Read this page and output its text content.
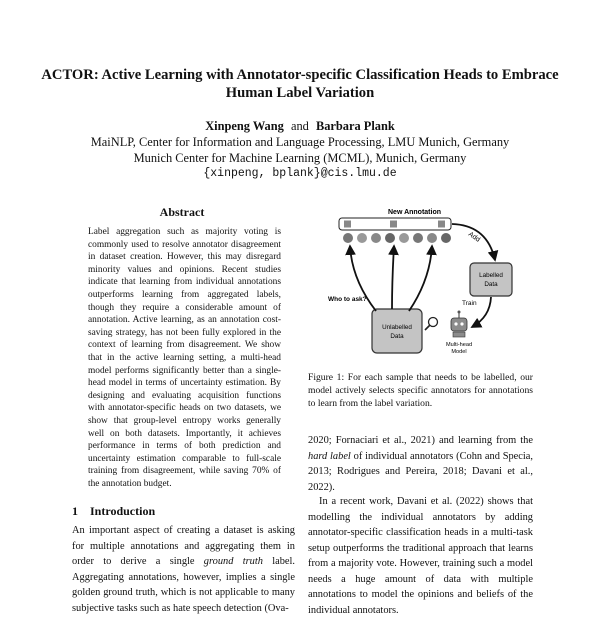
ACTOR: Active Learning with Annotator-specific Classification Heads to Embrace Human Label Variation
Xinpeng Wang and Barbara Plank
MaiNLP, Center for Information and Language Processing, LMU Munich, Germany
Munich Center for Machine Learning (MCML), Munich, Germany
{xinpeng, bplank}@cis.lmu.de
Abstract
Label aggregation such as majority voting is commonly used to resolve annotator disagreement in dataset creation. However, this may disregard minority values and opinions. Recent studies indicate that learning from individual annotations outperforms learning from aggregated labels, though they require a considerable amount of annotation. Active learning, as an annotation cost-saving strategy, has not been fully explored in the context of learning from disagreement. We show that in the active learning setting, a multi-head model performs significantly better than a single-head model in terms of uncertainty estimation. By designing and evaluating acquisition functions with annotator-specific heads on two datasets, we show that group-level entropy works generally well on both datasets. Importantly, it achieves performance in terms of both prediction and uncertainty estimation comparable to full-scale training from disagreement, while saving 70% of the annotation budget.
1 Introduction
An important aspect of creating a dataset is asking for multiple annotations and aggregating them in order to derive a single ground truth label. Aggregating annotations, however, implies a single golden ground truth, which is not applicable to many subjective tasks such as hate speech detection (Ova-
New Annotation
Add
Labelled
Data
Train
Unlabelled
Data
Who to ask?
Multi-head
Model
Figure 1: For each sample that needs to be labelled, our model actively selects specific annotators for annotations to learn from the label variation.
2020; Fornaciari et al., 2021) and learning from the hard label of individual annotators (Cohn and Specia, 2013; Rodrigues and Pereira, 2018; Davani et al., 2022).
In a recent work, Davani et al. (2022) shows that modelling the individual annotators by adding annotator-specific classification heads in a multi-task setup outperforms the traditional approach that learns from a majority vote. However, training such a model needs a huge amount of data with multiple annotations to model the opinions and beliefs of the individual annotators.
